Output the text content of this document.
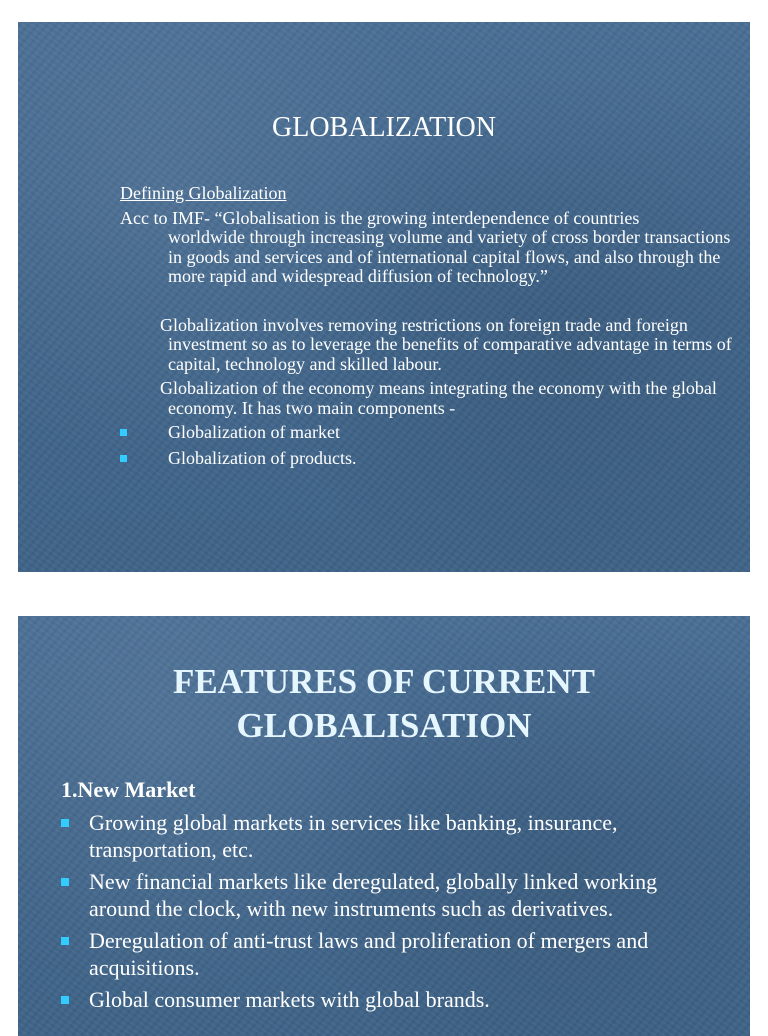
GLOBALIZATION

Defining Globalization

Acc to IMF- “Globalisation is the growing interdependence of countries
worldwide through increasing volume and variety of cross border transactions in goods and services and of international capital flows, and also through the more rapid and widespread diffusion of technology.”

Globalization involves removing restrictions on foreign trade and foreign investment so as to leverage the benefits of comparative advantage in terms of capital, technology and skilled labour.

Globalization of the economy means integrating the economy with the global economy. It has two main components -

Globalization of market
Globalization of products.
FEATURES OF CURRENT
GLOBALISATION

1.New Market

Growing global markets in services like banking, insurance, transportation, etc.
New financial markets like deregulated, globally linked working around the clock, with new instruments such as derivatives.
Deregulation of anti-trust laws and proliferation of mergers and acquisitions.
Global consumer markets with global brands.
